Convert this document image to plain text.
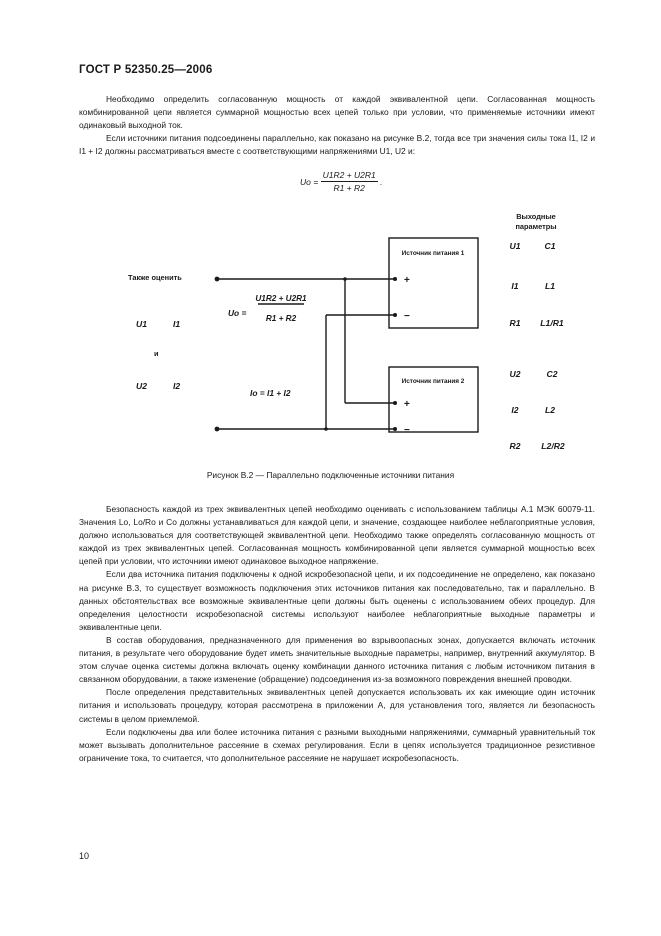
ГОСТ Р 52350.25—2006

Необходимо определить согласованную мощность от каждой эквивалентной цепи. Согласованная мощность комбинированной цепи является суммарной мощностью всех цепей только при условии, что применяемые источники имеют одинаковый выходной ток.

Если источники питания подсоединены параллельно, как показано на рисунке В.2, тогда все три значения силы тока I1, I2 и I1 + I2 должны рассматриваться вместе с соответствующими напряжениями U1, U2 и:

$Uo = \frac{U1R2 + U2R1}{R1 + R2}$ .
Выходные
параметры
Источник питания 1
Источник питания 2
+
−
+
−
Также оценить
U1	I1
и
U2	I2
Uo =
U1R2 + U2R1
R1 + R2
Io = I1 + I2
U1	C1
I1	L1
R1 L1/R1
U2	C2
I2	L2
R2 L2/R2
Рисунок В.2 — Параллельно подключенные источники питания

Безопасность каждой из трех эквивалентных цепей необходимо оценивать с использованием таблицы А.1 МЭК 60079-11. Значения Lo, Lo/Ro и Co должны устанавливаться для каждой цепи, и значение, создающее наиболее неблагоприятные условия, должно использоваться для соответствующей эквивалентной цепи. Необходимо также определять согласованную мощность от каждой из трех эквивалентных цепей. Согласованная мощность комбинированной цепи является суммарной мощностью всех цепей при условии, что источники имеют одинаковое выходное напряжение.

Если два источника питания подключены к одной искробезопасной цепи, и их подсоединение не определено, как показано на рисунке В.3, то существует возможность подключения этих источников питания как последовательно, так и параллельно. В данных обстоятельствах все возможные эквивалентные цепи должны быть оценены с использованием обеих процедур. Для определения целостности искробезопасной системы используют наиболее неблагоприятные выходные параметры и эквивалентные цепи.

В состав оборудования, предназначенного для применения во взрывоопасных зонах, допускается включать источник питания, в результате чего оборудование будет иметь значительные выходные параметры, например, внутренний аккумулятор. В этом случае оценка системы должна включать оценку комбинации данного источника питания с любым источником питания в связанном оборудовании, а также изменение (обращение) подсоединения из-за возможного повреждения внешней проводки.

После определения представительных эквивалентных цепей допускается использовать их как имеющие один источник питания и использовать процедуру, которая рассмотрена в приложении А, для установления того, является ли безопасность системы в целом приемлемой.

Если подключены два или более источника питания с разными выходными напряжениями, суммарный уравнительный ток может вызывать дополнительное рассеяние в схемах регулирования. Если в цепях используется традиционное резистивное ограничение тока, то считается, что дополнительное рассеяние не нарушает искробезопасность.

10
